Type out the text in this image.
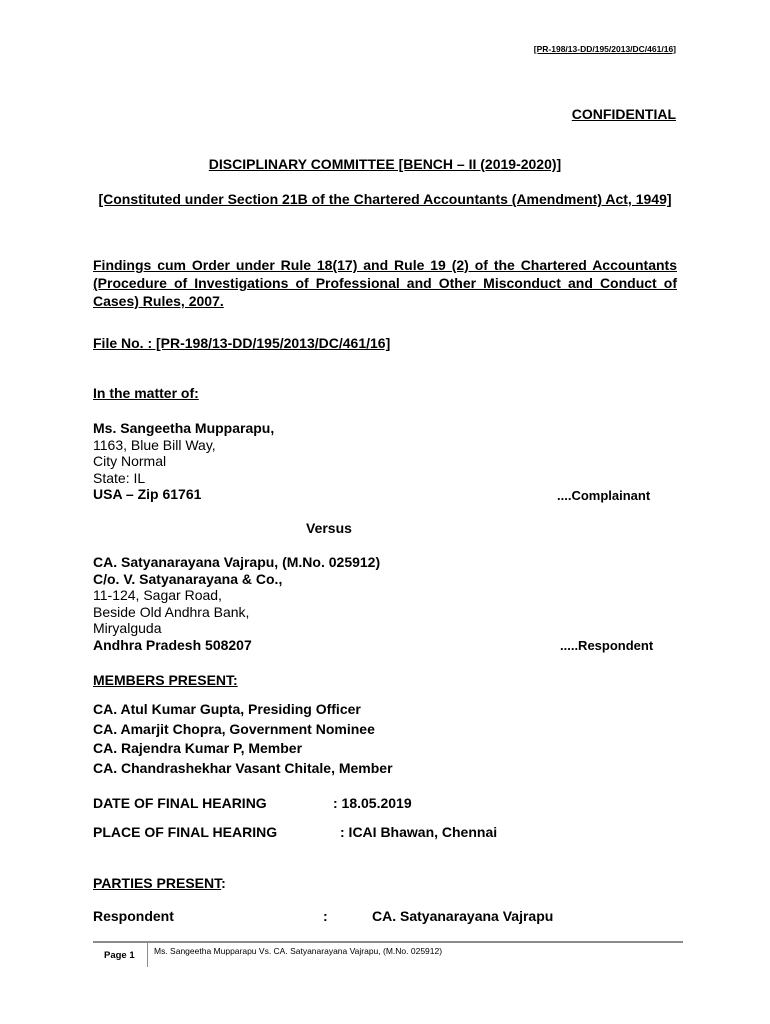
[PR-198/13-DD/195/2013/DC/461/16]
CONFIDENTIAL
DISCIPLINARY COMMITTEE [BENCH – II (2019-2020)]
[Constituted under Section 21B of the Chartered Accountants (Amendment) Act, 1949]
Findings cum Order under Rule 18(17) and Rule 19 (2) of the Chartered Accountants (Procedure of Investigations of Professional and Other Misconduct and Conduct of Cases) Rules, 2007.
File No. : [PR-198/13-DD/195/2013/DC/461/16]
In the matter of:
Ms. Sangeetha Mupparapu,
1163, Blue Bill Way,
City Normal
State: IL
USA – Zip 61761	....Complainant
Versus
CA. Satyanarayana Vajrapu, (M.No. 025912)
C/o. V. Satyanarayana & Co.,
11-124, Sagar Road,
Beside Old Andhra Bank,
Miryalguda
Andhra Pradesh 508207	.....Respondent
MEMBERS PRESENT:
CA. Atul Kumar Gupta, Presiding Officer
CA. Amarjit Chopra, Government Nominee
CA. Rajendra Kumar P, Member
CA. Chandrashekhar Vasant Chitale, Member
DATE OF FINAL HEARING	: 18.05.2019
PLACE OF FINAL HEARING	: ICAI Bhawan, Chennai
PARTIES PRESENT:
Respondent	:	CA. Satyanarayana Vajrapu
Page 1 Ms. Sangeetha Mupparapu Vs. CA. Satyanarayana Vajrapu, (M.No. 025912)
